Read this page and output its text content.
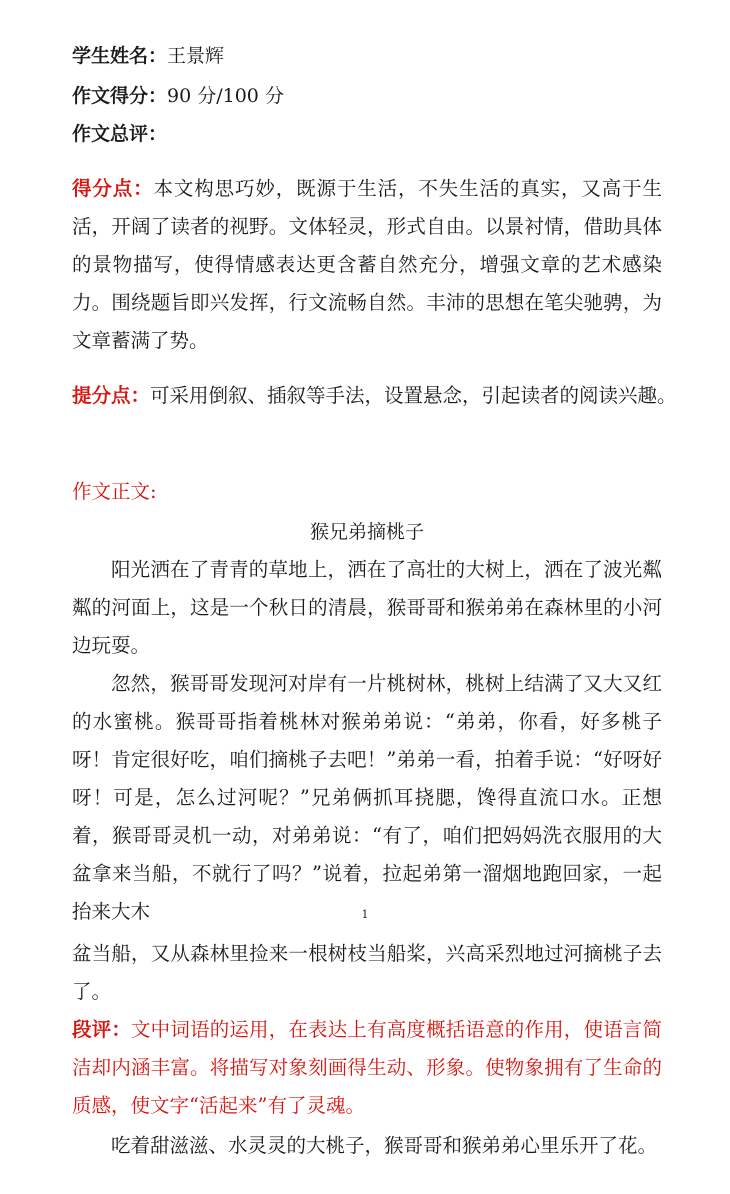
学生姓名：王景辉

作文得分：90 分/100 分

作文总评：

得分点：本文构思巧妙，既源于生活，不失生活的真实，又高于生活，开阔了读者的视野。文体轻灵，形式自由。以景衬情，借助具体的景物描写，使得情感表达更含蓄自然充分，增强文章的艺术感染力。围绕题旨即兴发挥，行文流畅自然。丰沛的思想在笔尖驰骋，为文章蓄满了势。

提分点：可采用倒叙、插叙等手法，设置悬念，引起读者的阅读兴趣。

作文正文:

猴兄弟摘桃子

阳光洒在了青青的草地上，洒在了高壮的大树上，洒在了波光粼粼的河面上，这是一个秋日的清晨，猴哥哥和猴弟弟在森林里的小河边玩耍。

忽然，猴哥哥发现河对岸有一片桃树林，桃树上结满了又大又红的水蜜桃。猴哥哥指着桃林对猴弟弟说：“弟弟，你看，好多桃子呀！肯定很好吃，咱们摘桃子去吧！”弟弟一看，拍着手说：“好呀好呀！可是，怎么过河呢？”兄弟俩抓耳挠腮，馋得直流口水。正想着，猴哥哥灵机一动，对弟弟说：“有了，咱们把妈妈洗衣服用的大盆拿来当船，不就行了吗？”说着，拉起弟第一溜烟地跑回家，一起抬来大木

盆当船，又从森林里捡来一根树枝当船桨，兴高采烈地过河摘桃子去了。

段评：文中词语的运用，在表达上有高度概括语意的作用，使语言简洁却内涵丰富。将描写对象刻画得生动、形象。使物象拥有了生命的质感，使文字“活起来”有了灵魂。

吃着甜滋滋、水灵灵的大桃子，猴哥哥和猴弟弟心里乐开了花。

1
